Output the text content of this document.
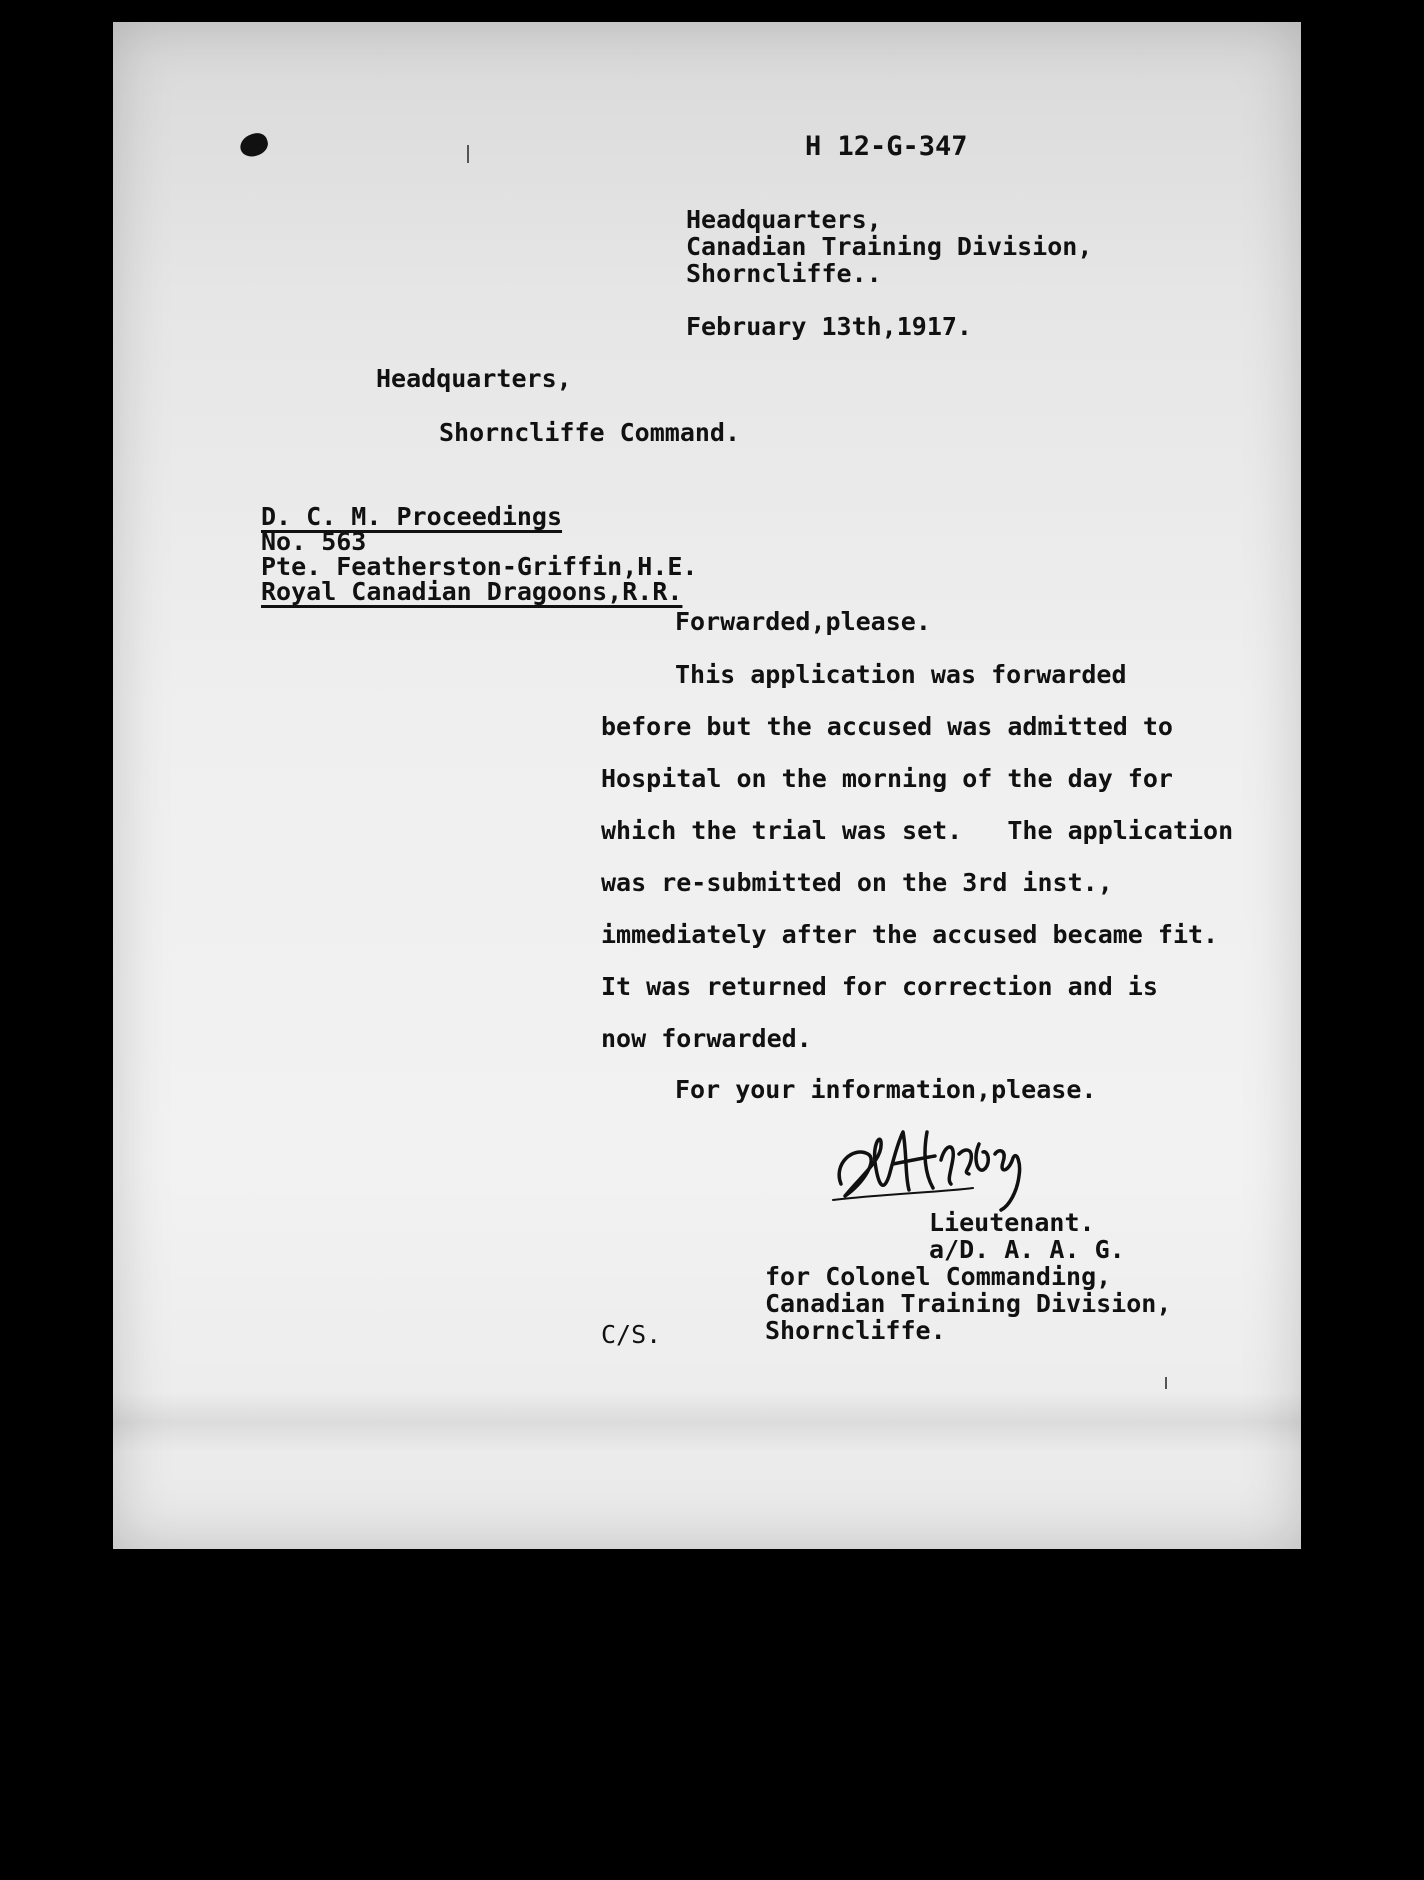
H 12-G-347
Headquarters,
Canadian Training Division,
Shorncliffe..
February 13th,1917.
Headquarters,
Shorncliffe Command.
D. C. M. Proceedings
No. 563
Pte. Featherston-Griffin,H.E.
Royal Canadian Dragoons,R.R.
Forwarded,please.
This application was forwarded
before but the accused was admitted to
Hospital on the morning of the day for
which the trial was set.   The application
was re-submitted on the 3rd inst.,
immediately after the accused became fit.
It was returned for correction and is
now forwarded.
For your information,please.
Lieutenant.
a/D. A. A. G.
for Colonel Commanding,
Canadian Training Division,
Shorncliffe.
C/S.
